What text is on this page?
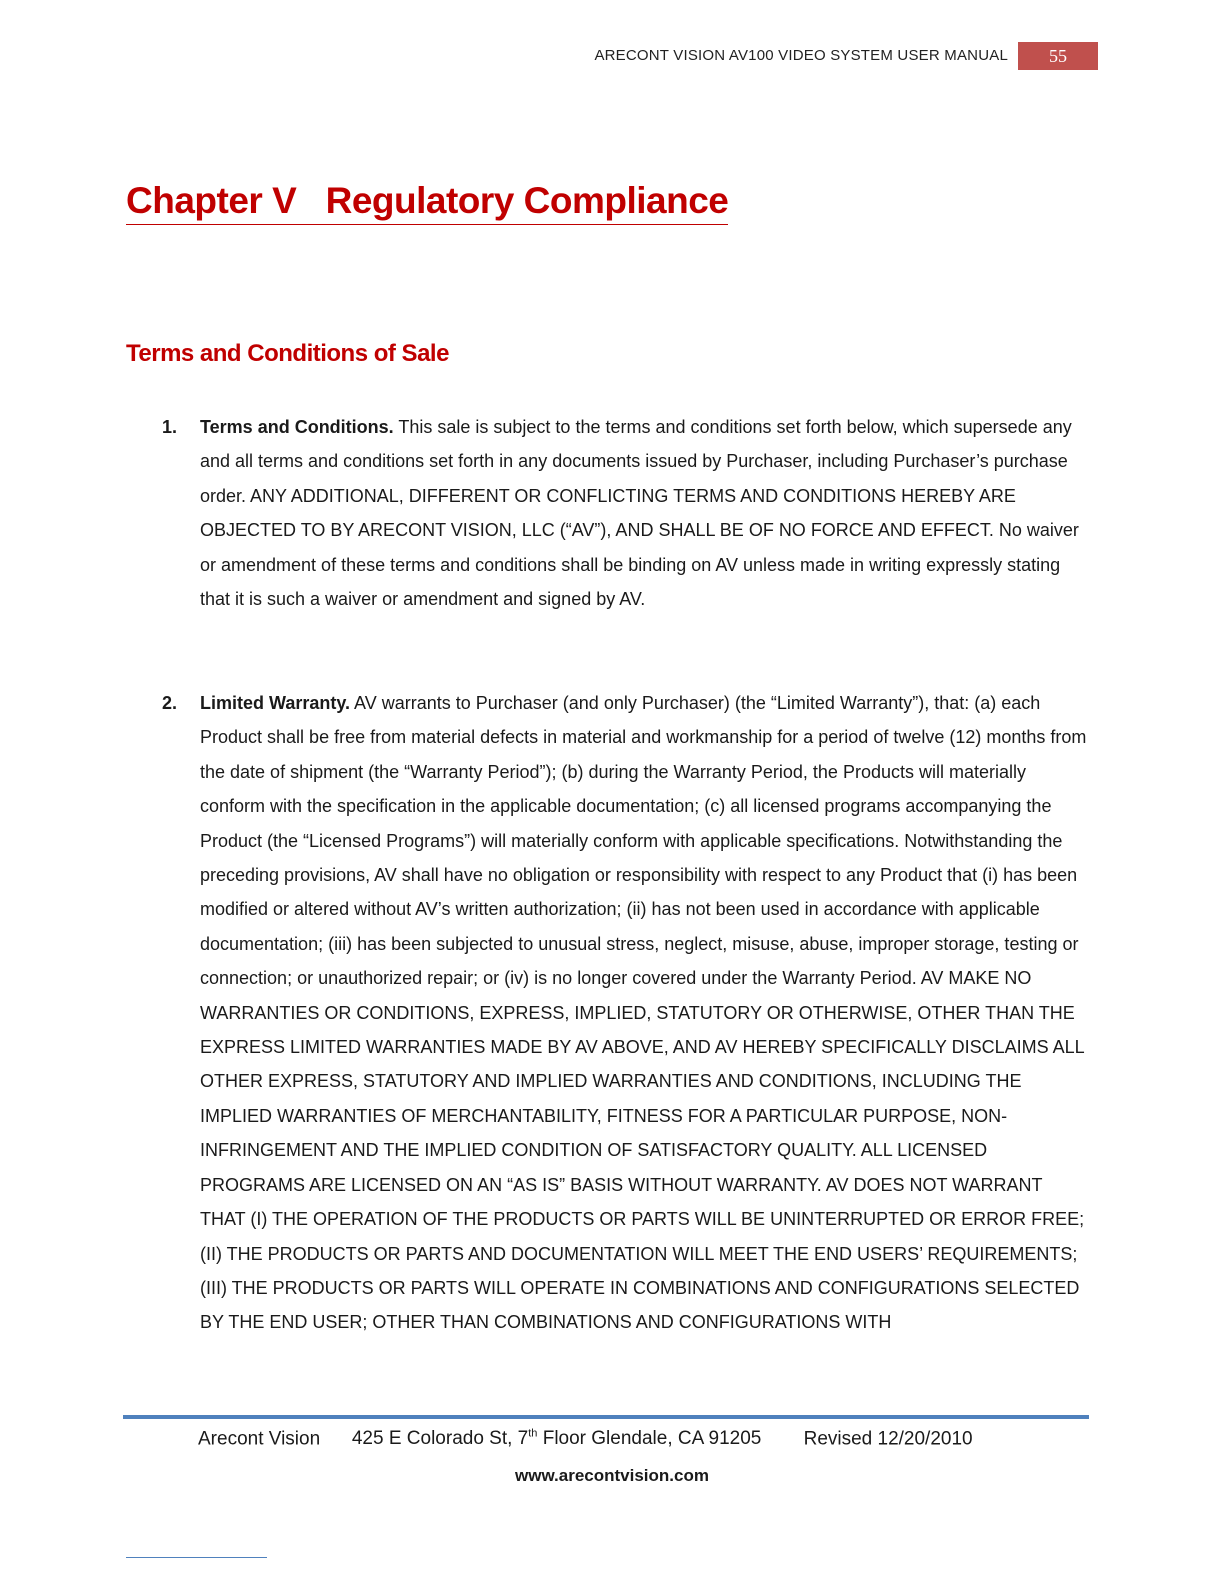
ARECONT VISION AV100 VIDEO SYSTEM USER MANUAL	55
Chapter V Regulatory Compliance
Terms and Conditions of Sale
1. Terms and Conditions. This sale is subject to the terms and conditions set forth below, which supersede any and all terms and conditions set forth in any documents issued by Purchaser, including Purchaser’s purchase order. ANY ADDITIONAL, DIFFERENT OR CONFLICTING TERMS AND CONDITIONS HEREBY ARE OBJECTED TO BY ARECONT VISION, LLC (“AV”), AND SHALL BE OF NO FORCE AND EFFECT. No waiver or amendment of these terms and conditions shall be binding on AV unless made in writing expressly stating that it is such a waiver or amendment and signed by AV.
2. Limited Warranty. AV warrants to Purchaser (and only Purchaser) (the “Limited Warranty”), that: (a) each Product shall be free from material defects in material and workmanship for a period of twelve (12) months from the date of shipment (the “Warranty Period”); (b) during the Warranty Period, the Products will materially conform with the specification in the applicable documentation; (c) all licensed programs accompanying the Product (the “Licensed Programs”) will materially conform with applicable specifications. Notwithstanding the preceding provisions, AV shall have no obligation or responsibility with respect to any Product that (i) has been modified or altered without AV’s written authorization; (ii) has not been used in accordance with applicable documentation; (iii) has been subjected to unusual stress, neglect, misuse, abuse, improper storage, testing or connection; or unauthorized repair; or (iv) is no longer covered under the Warranty Period. AV MAKE NO WARRANTIES OR CONDITIONS, EXPRESS, IMPLIED, STATUTORY OR OTHERWISE, OTHER THAN THE EXPRESS LIMITED WARRANTIES MADE BY AV ABOVE, AND AV HEREBY SPECIFICALLY DISCLAIMS ALL OTHER EXPRESS, STATUTORY AND IMPLIED WARRANTIES AND CONDITIONS, INCLUDING THE IMPLIED WARRANTIES OF MERCHANTABILITY, FITNESS FOR A PARTICULAR PURPOSE, NON-INFRINGEMENT AND THE IMPLIED CONDITION OF SATISFACTORY QUALITY. ALL LICENSED PROGRAMS ARE LICENSED ON AN “AS IS” BASIS WITHOUT WARRANTY. AV DOES NOT WARRANT THAT (I) THE OPERATION OF THE PRODUCTS OR PARTS WILL BE UNINTERRUPTED OR ERROR FREE; (II) THE PRODUCTS OR PARTS AND DOCUMENTATION WILL MEET THE END USERS’ REQUIREMENTS; (III) THE PRODUCTS OR PARTS WILL OPERATE IN COMBINATIONS AND CONFIGURATIONS SELECTED BY THE END USER; OTHER THAN COMBINATIONS AND CONFIGURATIONS WITH
Arecont Vision 425 E Colorado St, 7th Floor Glendale, CA 91205 Revised 12/20/2010
www.arecontvision.com
